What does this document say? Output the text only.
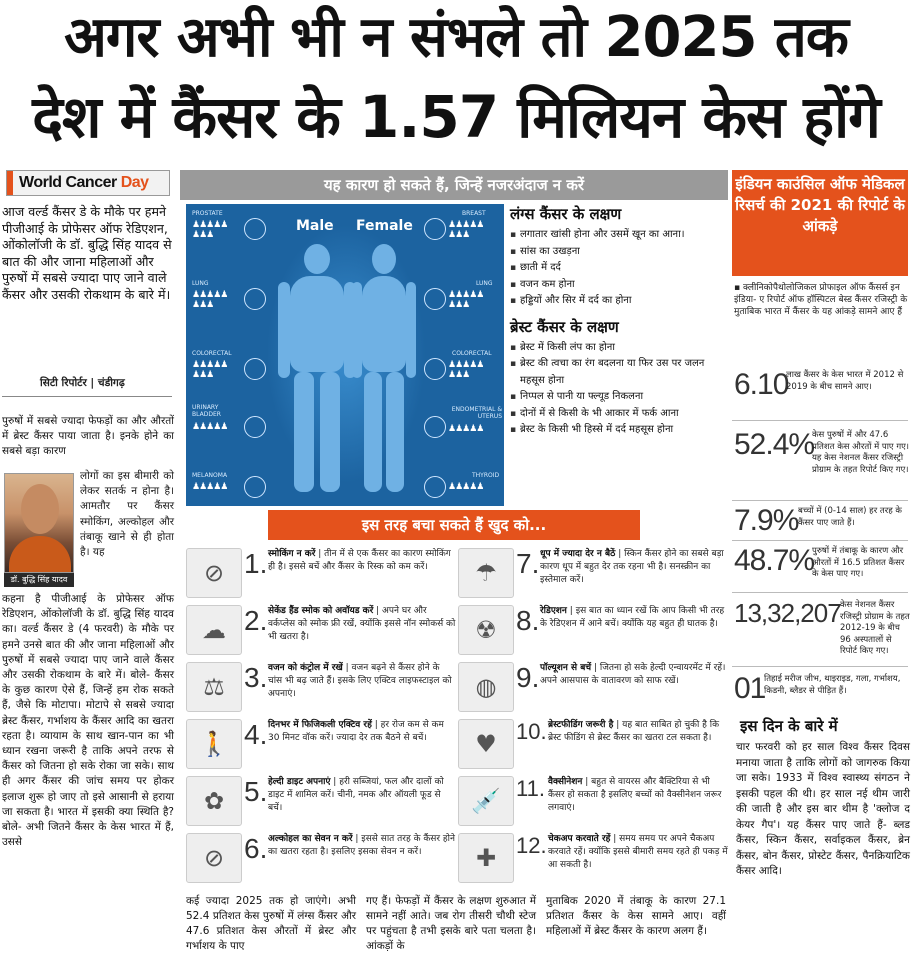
अगर अभी भी न संभले तो 2025 तक
देश में कैंसर के 1.57 मिलियन केस होंगे
World Cancer Day
आज वर्ल्ड कैंसर डे के मौके पर हमने पीजीआई के प्रोफेसर ऑफ रेडिएशन, ओंकोलॉजी के डॉ. बुद्धि सिंह यादव से बात की और जाना महिलाओं और पुरुषों में सबसे ज्यादा पाए जाने वाले कैंसर और उसकी रोकथाम के बारे में।
सिटी रिपोर्टर | चंडीगढ़
पुरुषों में सबसे ज्यादा फेफड़ों का और औरतों में ब्रेस्ट कैंसर पाया जाता है। इनके होने का सबसे बड़ा कारण
डॉ. बुद्धि सिंह यादव
लोगों का इस बीमारी को लेकर सतर्क न होना है। आमतौर पर कैंसर स्मोकिंग, अल्कोहल और तंबाकू खाने से ही होता है। यह
कहना है पीजीआई के प्रोफेसर ऑफ रेडिएशन, ओंकोलॉजी के डॉ. बुद्धि सिंह यादव का। वर्ल्ड कैंसर डे (4 फरवरी) के मौके पर हमने उनसे बात की और जाना महिलाओं और पुरुषों में सबसे ज्यादा पाए जाने वाले कैंसर और उसकी रोकथाम के बारे में। बोले- कैंसर के कुछ कारण ऐसे हैं, जिन्हें हम रोक सकते हैं, जैसे कि मोटापा। मोटापे से सबसे ज्यादा ब्रेस्ट कैंसर, गर्भाशय के कैंसर आदि का खतरा रहता है। व्यायाम के साथ खान-पान का भी ध्यान रखना जरूरी है ताकि अपने तरफ से कैंसर को जितना हो सके रोका जा सके। साथ ही अगर कैंसर की जांच समय पर होकर इलाज शुरू हो जाए तो इसे आसानी से हराया जा सकता है। भारत में इसकी क्या स्थिति है? बोले- अभी जितने कैंसर के केस भारत में हैं, उससे
यह कारण हो सकते हैं, जिन्हें नजरअंदाज न करें
Male Female
PROSTATE
♟♟♟♟♟
♟♟♟
LUNG
♟♟♟♟♟
♟♟♟
COLORECTAL
♟♟♟♟♟
♟♟♟
URINARY BLADDER
♟♟♟♟♟
MELANOMA
♟♟♟♟♟
BREAST
♟♟♟♟♟
♟♟♟
LUNG
♟♟♟♟♟
♟♟♟
COLORECTAL
♟♟♟♟♟
♟♟♟
ENDOMETRIAL & UTERUS
♟♟♟♟♟
THYROID
♟♟♟♟♟
लंग्स कैंसर के लक्षण
▪ लगातार खांसी होना और उसमें खून का आना।
▪ सांस का उखड़ना
▪ छाती में दर्द
▪ वजन कम होना
▪ हड्डियों और सिर में दर्द का होना
ब्रेस्ट कैंसर के लक्षण
▪ ब्रेस्ट में किसी लंप का होना
▪ ब्रेस्ट की त्वचा का रंग बदलना या फिर उस पर जलन महसूस होना
▪ निप्पल से पानी या फ्ल्यूड निकलना
▪ दोनों में से किसी के भी आकार में फर्क आना
▪ ब्रेस्ट के किसी भी हिस्से में दर्द महसूस होना
इस तरह बचा सकते हैं खुद को...
⊘ 1. स्मोकिंग न करें | तीन में से एक कैंसर का कारण स्मोकिंग ही है। इससे बचें और कैंसर के रिस्क को कम करें।
☁ 2. सेकेंड हैंड स्मोक को अवॉयड करें | अपने घर और वर्कप्लेस को स्मोक फ्री रखें, क्योंकि इससे नॉन स्मोकर्स को भी खतरा है।
⚖ 3. वजन को कंट्रोल में रखें | वजन बढ़ने से कैंसर होने के चांस भी बढ़ जाते हैं। इसके लिए एक्टिव लाइफस्टाइल को अपनाएं।
🚶 4. दिनभर में फिजिकली एक्टिव रहें | हर रोज कम से कम 30 मिनट वॉक करें। ज्यादा देर तक बैठने से बचें।
✿ 5. हेल्दी डाइट अपनाएं | हरी सब्जियां, फल और दालों को डाइट में शामिल करें। चीनी, नमक और ऑयली फूड से बचें।
⊘ 6. अल्कोहल का सेवन न करें | इससे सात तरह के कैंसर होने का खतरा रहता है। इसलिए इसका सेवन न करें।
☂ 7. धूप में ज्यादा देर न बैठें | स्किन कैंसर होने का सबसे बड़ा कारण धूप में बहुत देर तक रहना भी है। सनस्क्रीन का इस्तेमाल करें।
☢ 8. रेडिएशन | इस बात का ध्यान रखें कि आप किसी भी तरह के रेडिएशन में आने बचें। क्योंकि यह बहुत ही घातक है।
◍ 9. पॉल्यूशन से बचें | जितना हो सके हेल्दी एन्वायरमेंट में रहें। अपने आसपास के वातावरण को साफ रखें।
♥ 10. ब्रेस्टफीडिंग जरूरी है | यह बात साबित हो चुकी है कि ब्रेस्ट फीडिंग से ब्रेस्ट कैंसर का खतरा टल सकता है।
💉 11. वैक्सीनेशन | बहुत से वायरस और बैक्टिरिया से भी कैंसर हो सकता है इसलिए बच्चों को वैक्सीनेशन जरूर लगवाएं।
✚ 12. चेकअप करवाते रहें | समय समय पर अपने चैकअप करवाते रहें। क्योंकि इससे बीमारी समय रहते ही पकड़ में आ सकती है।
कई ज्यादा 2025 तक हो जाएंगे। अभी 52.4 प्रतिशत केस पुरुषों में लंग्स कैंसर और 47.6 प्रतिशत केस औरतों में ब्रेस्ट और गर्भाशय के पाए
गए हैं। फेफड़ों में कैंसर के लक्षण शुरुआत में सामने नहीं आते। जब रोग तीसरी चौथी स्टेज पर पहुंचता है तभी इसके बारे पता चलता है। आंकड़ों के
मुताबिक 2020 में तंबाकू के कारण 27.1 प्रतिशत कैंसर के केस सामने आए। वहीं महिलाओं में ब्रेस्ट कैंसर के कारण अलग हैं।
इंडियन काउंसिल ऑफ मेडिकल रिसर्च की 2021 की रिपोर्ट के आंकड़े
▪ क्लीनिकोपैथोलोजिकल प्रोफाइल ऑफ कैंसर्स इन इंडिया- ए रिपोर्ट ऑफ हॉस्पिटल बेस्ड कैंसर रजिस्ट्री के मुताबिक भारत में कैंसर के यह आंकड़े सामने आए हैं
6.10
लाख कैंसर के केस भारत में 2012 से 2019 के बीच सामने आए।
52.4%
केस पुरुषों में और 47.6 प्रतिशत केस औरतों में पाए गए। यह केस नेशनल कैंसर रजिस्ट्री प्रोग्राम के तहत रिपोर्ट किए गए।
7.9% बच्चों में (0-14 साल) हर तरह के कैंसर पाए जाते हैं।
48.7%
पुरुषों में तंबाकू के कारण और औरतों में 16.5 प्रतिशत कैंसर के केस पाए गए।
13,32,207 केस नेशनल कैंसर रजिस्ट्री प्रोग्राम के तहत 2012-19 के बीच 96 अस्पतालों से रिपोर्ट किए गए।
01
तिहाई मरीज जीभ, थाइराइड, गला, गर्भाशय, किडनी, ब्लैडर से पीड़ित हैं।
इस दिन के बारे में
चार फरवरी को हर साल विश्व कैंसर दिवस मनाया जाता है ताकि लोगों को जागरुक किया जा सके। 1933 में विश्व स्वास्थ्य संगठन ने इसकी पहल की थी। हर साल नई थीम जारी की जाती है और इस बार थीम है 'क्लोज द केयर गैप'। यह कैंसर पाए जाते हैं- ब्लड कैंसर, स्किन कैंसर, सर्वाइकल कैंसर, ब्रेन कैंसर, बोन कैंसर, प्रोस्टेट कैंसर, पैनक्रियाटिक कैंसर आदि।
